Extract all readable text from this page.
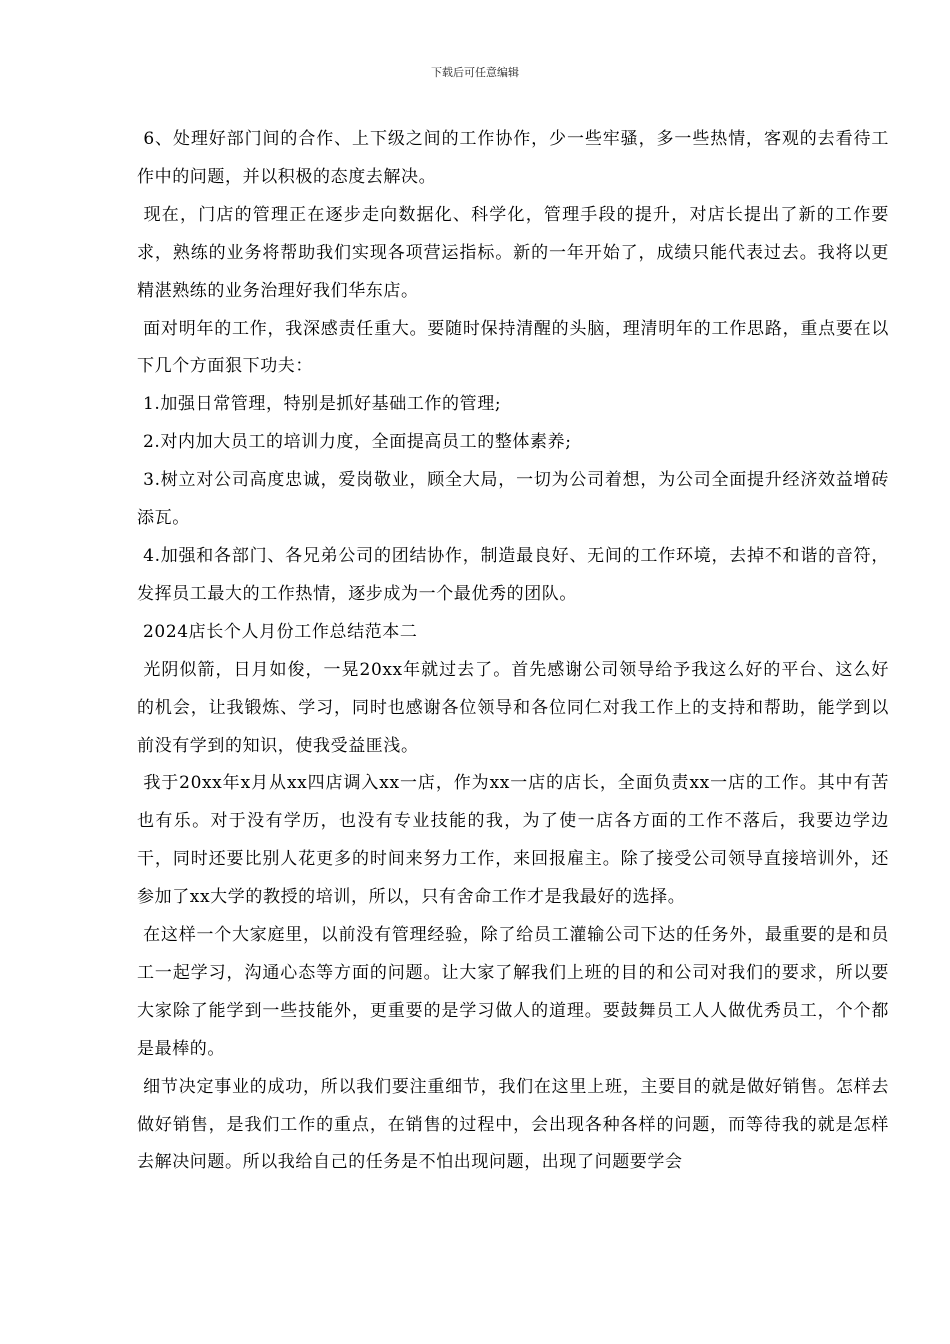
下载后可任意编辑

6、处理好部门间的合作、上下级之间的工作协作，少一些牢骚，多一些热情，客观的去看待工作中的问题，并以积极的态度去解决。

现在，门店的管理正在逐步走向数据化、科学化，管理手段的提升，对店长提出了新的工作要求，熟练的业务将帮助我们实现各项营运指标。新的一年开始了，成绩只能代表过去。我将以更精湛熟练的业务治理好我们华东店。

面对明年的工作，我深感责任重大。要随时保持清醒的头脑，理清明年的工作思路，重点要在以下几个方面狠下功夫：

1.加强日常管理，特别是抓好基础工作的管理;

2.对内加大员工的培训力度，全面提高员工的整体素养;

3.树立对公司高度忠诚，爱岗敬业，顾全大局，一切为公司着想，为公司全面提升经济效益增砖添瓦。

4.加强和各部门、各兄弟公司的团结协作，制造最良好、无间的工作环境，去掉不和谐的音符，发挥员工最大的工作热情，逐步成为一个最优秀的团队。

2024店长个人月份工作总结范本二

光阴似箭，日月如俊，一晃20xx年就过去了。首先感谢公司领导给予我这么好的平台、这么好的机会，让我锻炼、学习，同时也感谢各位领导和各位同仁对我工作上的支持和帮助，能学到以前没有学到的知识，使我受益匪浅。

我于20xx年x月从xx四店调入xx一店，作为xx一店的店长，全面负责xx一店的工作。其中有苦也有乐。对于没有学历，也没有专业技能的我，为了使一店各方面的工作不落后，我要边学边干，同时还要比别人花更多的时间来努力工作，来回报雇主。除了接受公司领导直接培训外，还参加了xx大学的教授的培训，所以，只有舍命工作才是我最好的选择。

在这样一个大家庭里，以前没有管理经验，除了给员工灌输公司下达的任务外，最重要的是和员工一起学习，沟通心态等方面的问题。让大家了解我们上班的目的和公司对我们的要求，所以要大家除了能学到一些技能外，更重要的是学习做人的道理。要鼓舞员工人人做优秀员工，个个都是最棒的。

细节决定事业的成功，所以我们要注重细节，我们在这里上班，主要目的就是做好销售。怎样去做好销售，是我们工作的重点，在销售的过程中，会出现各种各样的问题，而等待我的就是怎样去解决问题。所以我给自己的任务是不怕出现问题，出现了问题要学会
